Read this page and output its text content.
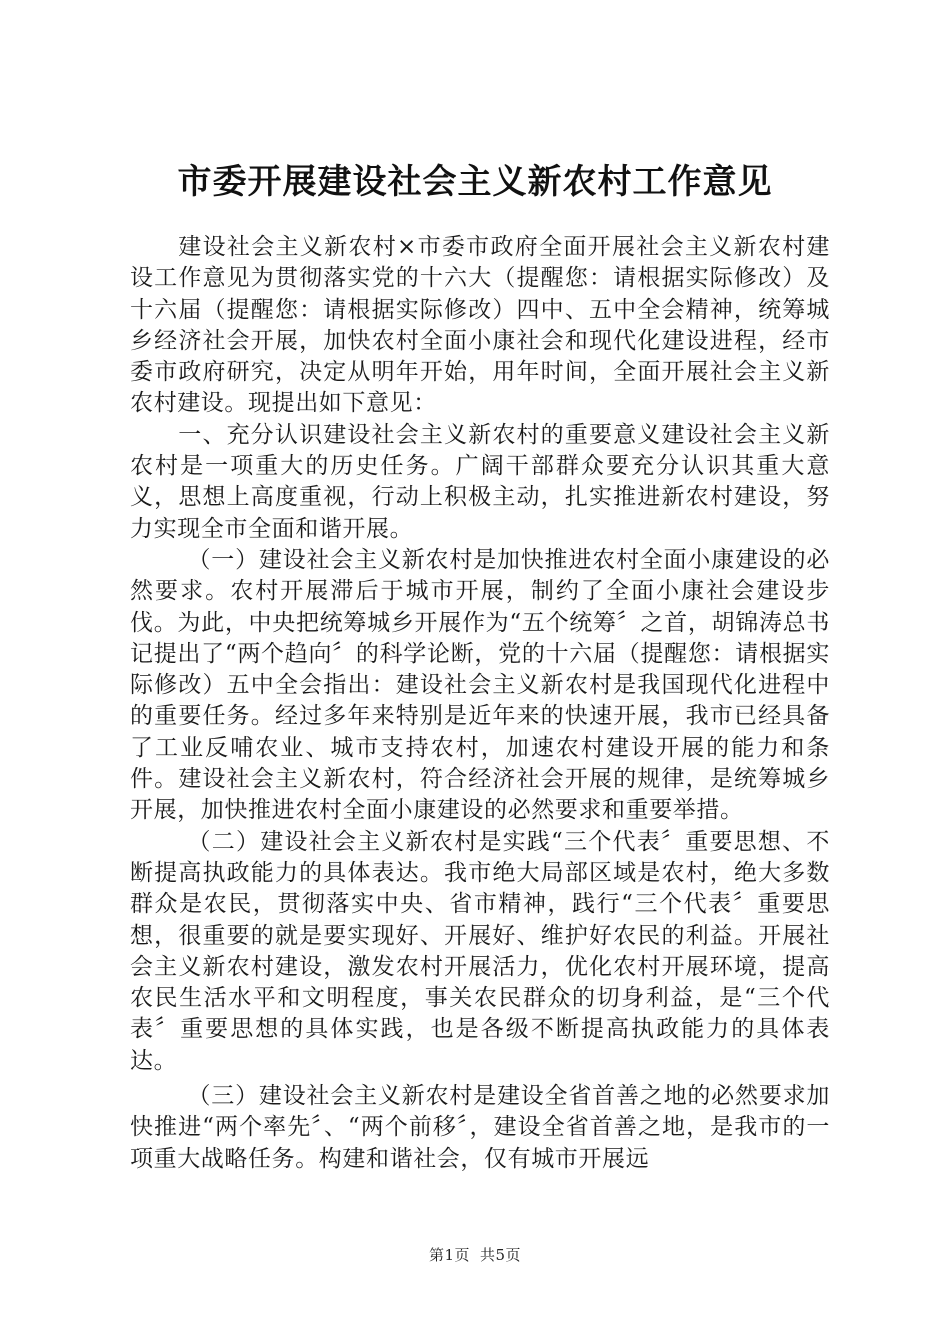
市委开展建设社会主义新农村工作意见

建设社会主义新农村×市委市政府全面开展社会主义新农村建设工作意见为贯彻落实党的十六大（提醒您：请根据实际修改）及十六届（提醒您：请根据实际修改）四中、五中全会精神，统筹城乡经济社会开展，加快农村全面小康社会和现代化建设进程，经市委市政府研究，决定从明年开始，用年时间，全面开展社会主义新农村建设。现提出如下意见：

一、充分认识建设社会主义新农村的重要意义建设社会主义新农村是一项重大的历史任务。广阔干部群众要充分认识其重大意义，思想上高度重视，行动上积极主动，扎实推进新农村建设，努力实现全市全面和谐开展。

（一）建设社会主义新农村是加快推进农村全面小康建设的必然要求。农村开展滞后于城市开展，制约了全面小康社会建设步伐。为此，中央把统筹城乡开展作为“五个统筹〞之首，胡锦涛总书记提出了“两个趋向〞的科学论断，党的十六届（提醒您：请根据实际修改）五中全会指出：建设社会主义新农村是我国现代化进程中的重要任务。经过多年来特别是近年来的快速开展，我市已经具备了工业反哺农业、城市支持农村，加速农村建设开展的能力和条件。建设社会主义新农村，符合经济社会开展的规律，是统筹城乡开展，加快推进农村全面小康建设的必然要求和重要举措。

（二）建设社会主义新农村是实践“三个代表〞重要思想、不断提高执政能力的具体表达。我市绝大局部区域是农村，绝大多数群众是农民，贯彻落实中央、省市精神，践行“三个代表〞重要思想，很重要的就是要实现好、开展好、维护好农民的利益。开展社会主义新农村建设，激发农村开展活力，优化农村开展环境，提高农民生活水平和文明程度，事关农民群众的切身利益，是“三个代表〞重要思想的具体实践，也是各级不断提高执政能力的具体表达。

（三）建设社会主义新农村是建设全省首善之地的必然要求加快推进“两个率先〞、“两个前移〞，建设全省首善之地，是我市的一项重大战略任务。构建和谐社会，仅有城市开展远

第1页 共5页
